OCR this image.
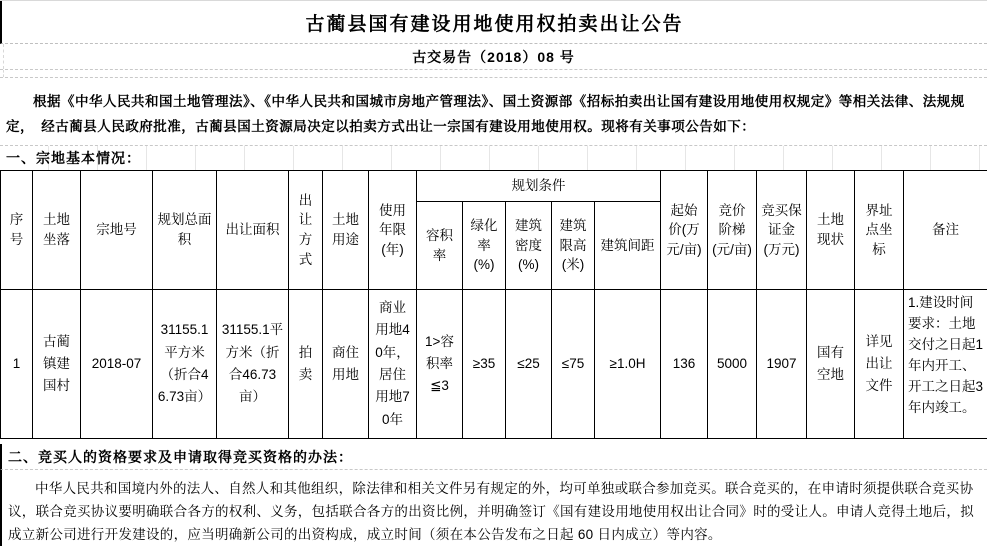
古蔺县国有建设用地使用权拍卖出让公告
古交易告（2018）08 号
根据《中华人民共和国土地管理法》、《中华人民共和国城市房地产管理法》、国土资源部《招标拍卖出让国有建设用地使用权规定》等相关法律、法规规定，　经古蔺县人民政府批准，古蔺县国土资源局决定以拍卖方式出让一宗国有建设用地使用权。现将有关事项公告如下：
一、宗地基本情况：
序号	土地坐落	宗地号	规划总面积	出让面积	出让方式	土地用途	使用年限(年)	规划条件					起始价(万元/亩)	竞价阶梯(元/亩)	竞买保证金(万元)	土地现状	界址点坐标	备注
								容积率	绿化率(%)	建筑密度(%)	建筑限高(米)	建筑间距						
1	古蔺镇建国村	2018-07	31155.1平方米（折合46.73亩）	31155.1平方米（折合46.73亩）	拍卖	商住用地	商业用地40年，居住用地70年	1>容积率≦3	≥35	≤25	≤75	≥1.0H	136	5000	1907	国有空地	详见出让文件	1.建设时间要求：土地交付之日起1年内开工、开工之日起3年内竣工。
二、竞买人的资格要求及申请取得竞买资格的办法：
中华人民共和国境内外的法人、自然人和其他组织，除法律和相关文件另有规定的外，均可单独或联合参加竞买。联合竞买的，在申请时须提供联合竞买协议，联合竞买协议要明确联合各方的权利、义务，包括联合各方的出资比例，并明确签订《国有建设用地使用权出让合同》时的受让人。申请人竞得土地后，拟成立新公司进行开发建设的，应当明确新公司的出资构成，成立时间（须在本公告发布之日起 60 日内成立）等内容。
